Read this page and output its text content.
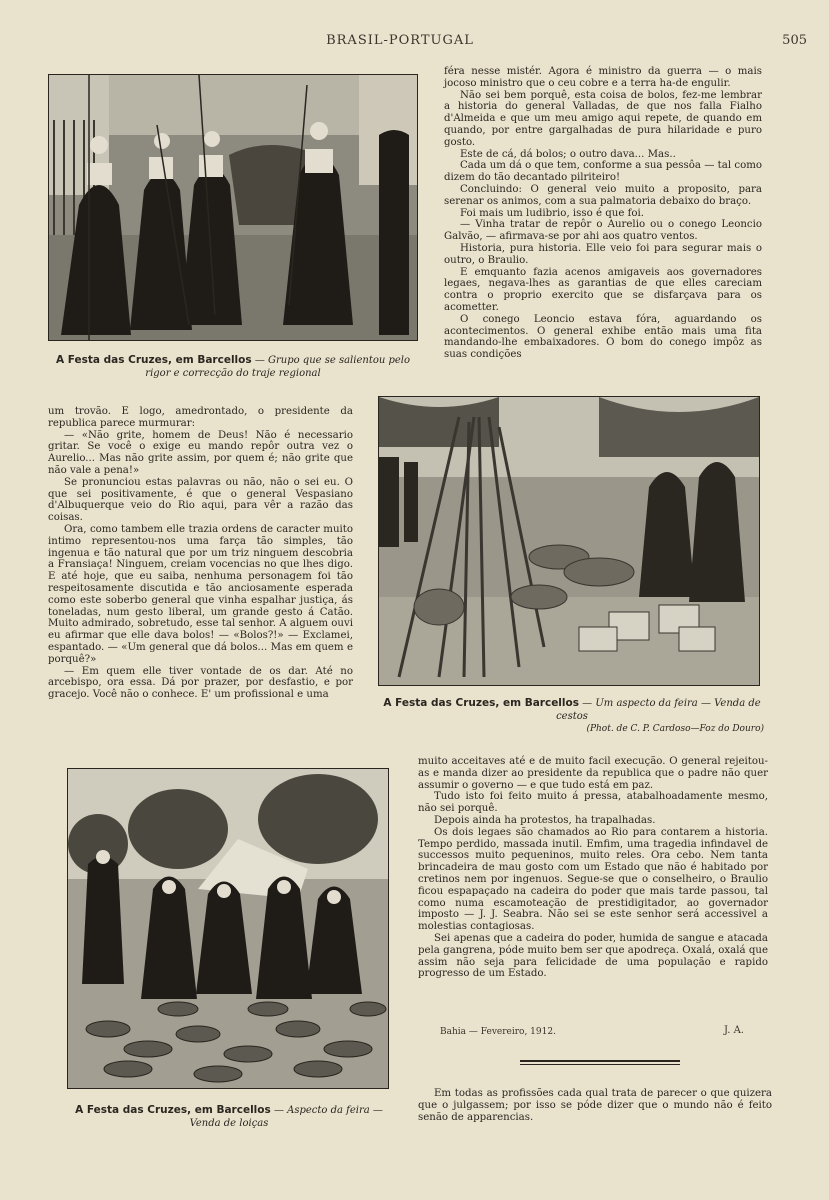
BRASIL-PORTUGAL	505
A Festa das Cruzes, em Barcellos — Grupo que se salientou pelo rigor e correcção do traje regional

féra nesse mistér. Agora é ministro da guerra — o mais jocoso ministro que o ceu cobre e a terra ha-de engulir.

Não sei bem porquê, esta coisa de bolos, fez-me lembrar a historia do general Valladas, de que nos falla Fialho d'Almeida e que um meu amigo aqui repete, de quando em quando, por entre gargalhadas de pura hilaridade e puro gosto.

Este de cá, dá bolos; o outro dava... Mas..

Cada um dá o que tem, conforme a sua pessôa — tal como dizem do tão decantado pilriteiro!

Concluindo: O general veio muito a proposito, para serenar os animos, com a sua palmatoria debaixo do braço.

Foi mais um ludibrio, isso é que foi.

— Vinha tratar de repôr o Aurelio ou o conego Leoncio Galvão, — afirmava-se por ahi aos quatro ventos.

Historia, pura historia. Elle veio foi para segurar mais o outro, o Braulio.

E emquanto fazia acenos amigaveis aos governadores legaes, negava-lhes as garantias de que elles careciam contra o proprio exercito que se disfarçava para os acometter.

O conego Leoncio estava fóra, aguardando os acontecimentos. O general exhibe então mais uma fita mandando-lhe embaixadores. O bom do conego impôz as suas condições

um trovão. E logo, amedrontado, o presidente da republica parece murmurar:

— «Não grite, homem de Deus! Não é necessario gritar. Se você o exige eu mando repôr outra vez o Aurelio... Mas não grite assim, por quem é; não grite que não vale a pena!»

Se pronunciou estas palavras ou não, não o sei eu. O que sei positivamente, é que o general Vespasiano d'Albuquerque veio do Rio aqui, para vêr a razão das coisas.

Ora, como tambem elle trazia ordens de caracter muito intimo representou-nos uma farça tão simples, tão ingenua e tão natural que por um triz ninguem descobria a Fransiaça! Ninguem, creiam vocencias no que lhes digo. E até hoje, que eu saiba, nenhuma personagem foi tão respeitosamente discutida e tão anciosamente esperada como este soberbo general que vinha espalhar justiça, ás toneladas, num gesto liberal, um grande gesto á Catão. Muito admirado, sobretudo, esse tal senhor. A alguem ouvi eu afirmar que elle dava bolos! — «Bolos?!» — Exclamei, espantado. — «Um general que dá bolos... Mas em quem e porquê?»

— Em quem elle tiver vontade de os dar. Até no arcebispo, ora essa. Dá por prazer, por desfastio, e por gracejo. Você não o conhece. E' um profissional e uma

A Festa das Cruzes, em Barcellos — Um aspecto da feira — Venda de cestos
(Phot. de C. P. Cardoso—Foz do Douro)
A Festa das Cruzes, em Barcellos — Aspecto da feira — Venda de loiças

muito acceitaves até e de muito facil execução. O general rejeitou-as e manda dizer ao presidente da republica que o padre não quer assumir o governo — e que tudo está em paz.

Tudo isto foi feito muito á pressa, atabalhoadamente mesmo, não sei porquê.

Depois ainda ha protestos, ha trapalhadas.

Os dois legaes são chamados ao Rio para contarem a historia. Tempo perdido, massada inutil. Emfim, uma tragedia infindavel de successos muito pequeninos, muito reles. Ora cebo. Nem tanta brincadeira de mau gosto com um Estado que não é habitado por cretinos nem por ingenuos. Segue-se que o conselheiro, o Braulio ficou espapaçado na cadeira do poder que mais tarde passou, tal como numa escamoteação de prestidigitador, ao governador imposto — J. J. Seabra. Não sei se este senhor será accessivel a molestias contagiosas.

Sei apenas que a cadeira do poder, humida de sangue e atacada pela gangrena, póde muito bem ser que apodreça. Oxalá, oxalá que assim não seja para felicidade de uma população e rapido progresso de um Estado.

Bahia — Fevereiro, 1912.	J. A.

Em todas as profissões cada qual trata de parecer o que quizera que o julgassem; por isso se póde dizer que o mundo não é feito senão de apparencias.
